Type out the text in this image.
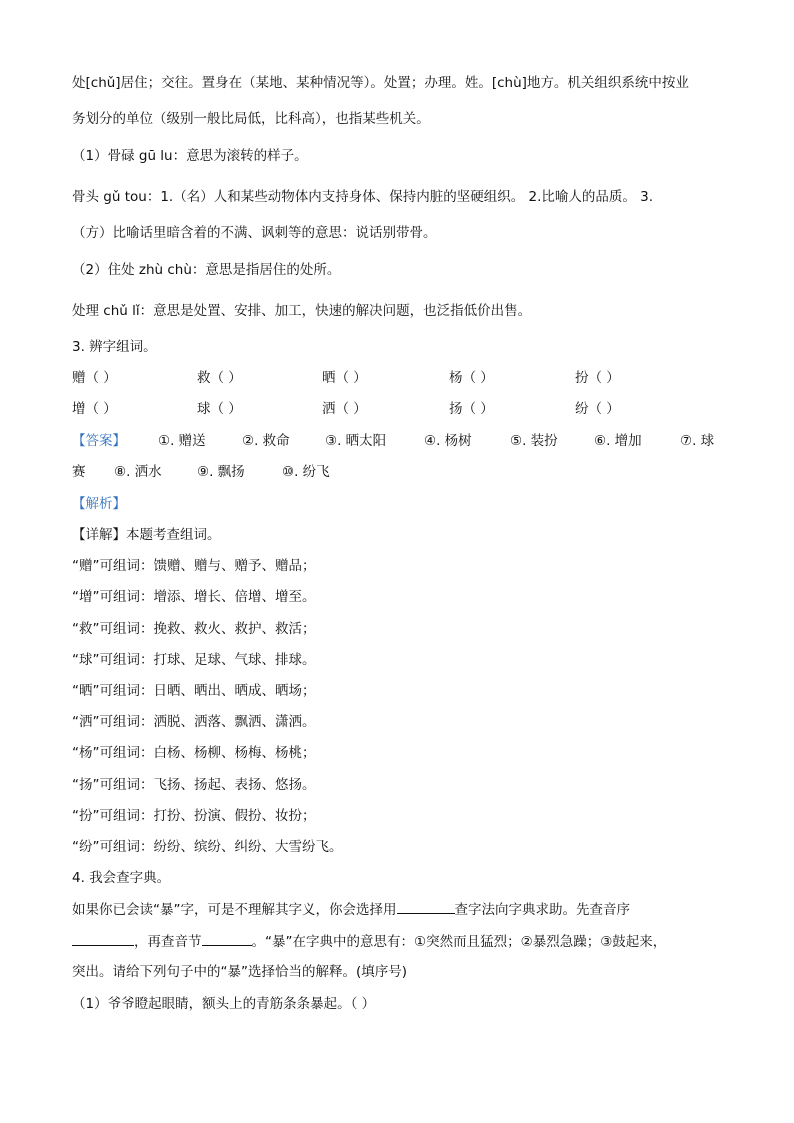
处[chǔ]居住；交往。置身在（某地、某种情况等）。处置；办理。姓。[chù]地方。机关组织系统中按业
务划分的单位（级别一般比局低，比科高），也指某些机关。
（1）骨碌 gū lu：意思为滚转的样子。
骨头 gǔ tou：1.（名）人和某些动物体内支持身体、保持内脏的坚硬组织。 2.比喻人的品质。 3.
（方）比喻话里暗含着的不满、讽刺等的意思：说话别带骨。
（2）住处 zhù chù：意思是指居住的处所。
处理 chǔ lǐ：意思是处置、安排、加工，快速的解决问题，也泛指低价出售。
3. 辨字组词。
赠（ ）	救（ ）	晒（ ）	杨（ ）	扮（ ）
增（ ）	球（ ）	洒（ ）	扬（ ）	纷（ ）
【答案】 ①. 赠送	②. 救命	③. 晒太阳	④. 杨树	⑤. 装扮	⑥. 增加	⑦. 球
赛 ⑧. 洒水	⑨. 飘扬	⑩. 纷飞
【解析】
【详解】本题考查组词。
“赠”可组词：馈赠、赠与、赠予、赠品；
“增”可组词：增添、增长、倍增、增至。
“救”可组词：挽救、救火、救护、救活；
“球”可组词：打球、足球、气球、排球。
“晒”可组词：日晒、晒出、晒成、晒场；
“洒”可组词：洒脱、洒落、飘洒、潇洒。
“杨”可组词：白杨、杨柳、杨梅、杨桃；
“扬”可组词：飞扬、扬起、表扬、悠扬。
“扮”可组词：打扮、扮演、假扮、妆扮；
“纷”可组词：纷纷、缤纷、纠纷、大雪纷飞。
4. 我会查字典。
如果你已会读“暴”字，可是不理解其字义，你会选择用	查字法向字典求助。先查音序
，再查音节	。“暴”在字典中的意思有：①突然而且猛烈；②暴烈急躁；③鼓起来，
突出。请给下列句子中的“暴”选择恰当的解释。(填序号)
（1）爷爷瞪起眼睛，额头上的青筋条条暴起。（ ）
